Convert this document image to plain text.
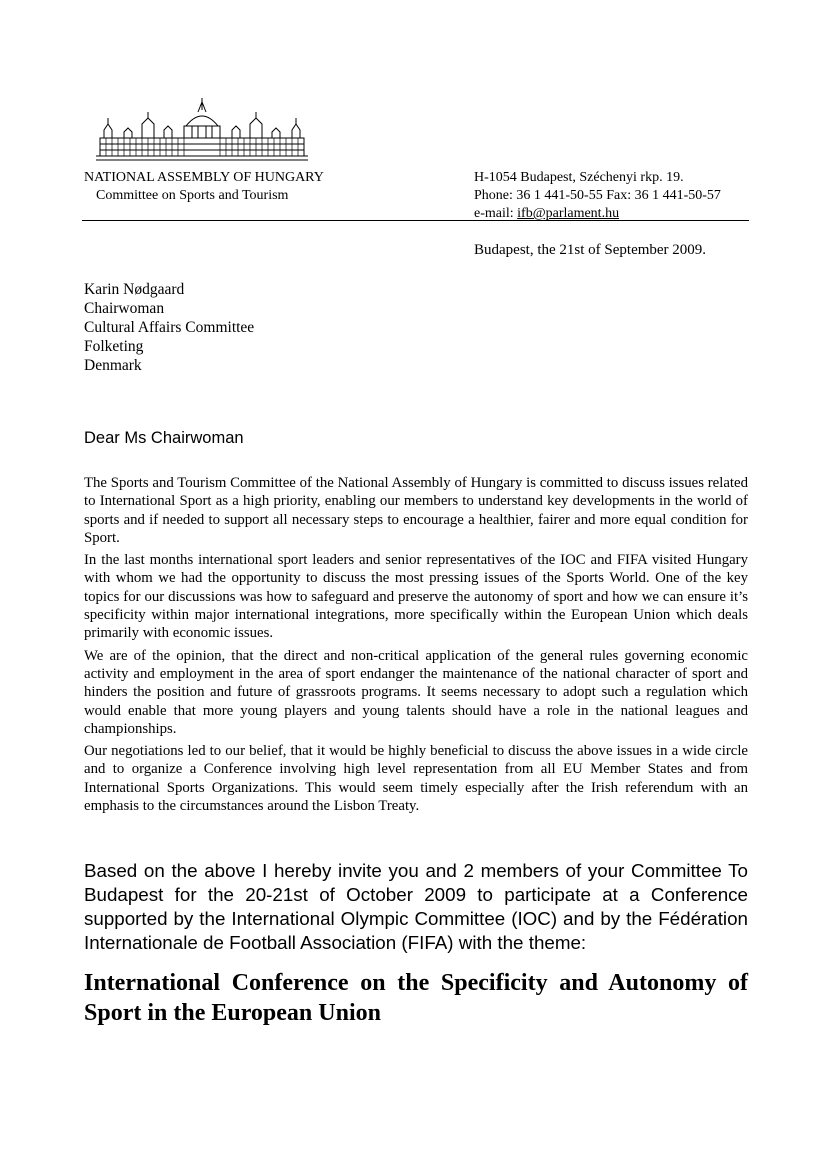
NATIONAL ASSEMBLY OF HUNGARY
Committee on Sports and Tourism
H-1054 Budapest, Széchenyi rkp. 19.
Phone: 36 1 441-50-55 Fax: 36 1 441-50-57
e-mail: ifb@parlament.hu
Budapest, the 21st of September 2009.
Karin Nødgaard
Chairwoman
Cultural Affairs Committee
Folketing
Denmark
Dear Ms Chairwoman

The Sports and Tourism Committee of the National Assembly of Hungary is committed to discuss issues related to International Sport as a high priority, enabling our members to understand key developments in the world of sports and if needed to support all necessary steps to encourage a healthier, fairer and more equal condition for Sport.

In the last months international sport leaders and senior representatives of the IOC and FIFA visited Hungary with whom we had the opportunity to discuss the most pressing issues of the Sports World. One of the key topics for our discussions was how to safeguard and preserve the autonomy of sport and how we can ensure it’s specificity within major international integrations, more specifically within the European Union which deals primarily with economic issues.

We are of the opinion, that the direct and non-critical application of the general rules governing economic activity and employment in the area of sport endanger the maintenance of the national character of sport and hinders the position and future of grassroots programs. It seems necessary to adopt such a regulation which would enable that more young players and young talents should have a role in the national leagues and championships.

Our negotiations led to our belief, that it would be highly beneficial to discuss the above issues in a wide circle and to organize a Conference involving high level representation from all EU Member States and from International Sports Organizations. This would seem timely especially after the Irish referendum with an emphasis to the circumstances around the Lisbon Treaty.

Based on the above I hereby invite you and 2 members of your Committee To Budapest for the 20-21st of October 2009 to participate at a Conference supported by the International Olympic Committee (IOC) and by the Fédération Internationale de Football Association (FIFA) with the theme:
International Conference on the Specificity and Autonomy of Sport in the European Union
